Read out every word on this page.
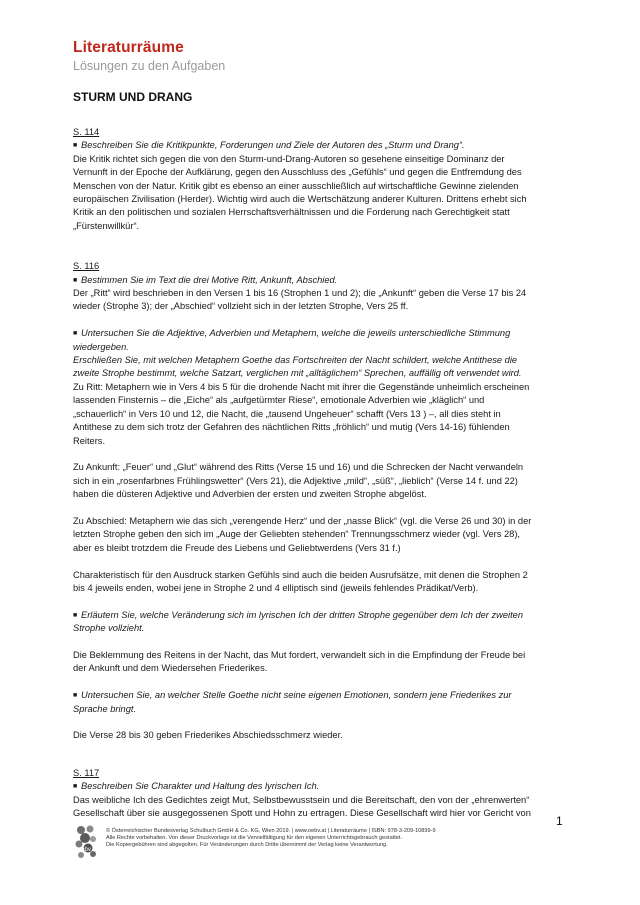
Literaturräume
Lösungen zu den Aufgaben
STURM UND DRANG

S. 114

■ Beschreiben Sie die Kritikpunkte, Forderungen und Ziele der Autoren des „Sturm und Drang“.

Die Kritik richtet sich gegen die von den Sturm-und-Drang-Autoren so gesehene einseitige Dominanz der

Vernunft in der Epoche der Aufklärung, gegen den Ausschluss des „Gefühls“ und gegen die Entfremdung des

Menschen von der Natur. Kritik gibt es ebenso an einer ausschließlich auf wirtschaftliche Gewinne zielenden

europäischen Zivilisation (Herder). Wichtig wird auch die Wertschätzung anderer Kulturen. Drittens erhebt sich

Kritik an den politischen und sozialen Herrschaftsverhältnissen und die Forderung nach Gerechtigkeit statt

„Fürstenwillkür“.

S. 116

■ Bestimmen Sie im Text die drei Motive Ritt, Ankunft, Abschied.

Der „Ritt“ wird beschrieben in den Versen 1 bis 16 (Strophen 1 und 2); die „Ankunft“ geben die Verse 17 bis 24

wieder (Strophe 3); der „Abschied“ vollzieht sich in der letzten Strophe, Vers 25 ff.

■ Untersuchen Sie die Adjektive, Adverbien und Metaphern, welche die jeweils unterschiedliche Stimmung

wiedergeben.

Erschließen Sie, mit welchen Metaphern Goethe das Fortschreiten der Nacht schildert, welche Antithese die

zweite Strophe bestimmt, welche Satzart, verglichen mit „alltäglichem“ Sprechen, auffällig oft verwendet wird.

Zu Ritt: Metaphern wie in Vers 4 bis 5 für die drohende Nacht mit ihrer die Gegenstände unheimlich erscheinen

lassenden Finsternis – die „Eiche“ als „aufgetürmter Riese“, emotionale Adverbien wie „kläglich“ und

„schauerlich“ in Vers 10 und 12, die Nacht, die „tausend Ungeheuer“ schafft (Vers 13 ) –, all dies steht in

Antithese zu dem sich trotz der Gefahren des nächtlichen Ritts „fröhlich“ und mutig (Vers 14-16) fühlenden

Reiters.

Zu Ankunft: „Feuer“ und „Glut“ während des Ritts (Verse 15 und 16) und die Schrecken der Nacht verwandeln

sich in ein „rosenfarbnes Frühlingswetter“ (Vers 21), die Adjektive „mild“, „süß“, „lieblich“ (Verse 14 f. und 22)

haben die düsteren Adjektive und Adverbien der ersten und zweiten Strophe abgelöst.

Zu Abschied: Metaphern wie das sich „verengende Herz“ und der „nasse Blick“ (vgl. die Verse 26 und 30) in der

letzten Strophe geben den sich im „Auge der Geliebten stehenden“ Trennungsschmerz wieder (vgl. Vers 28),

aber es bleibt trotzdem die Freude des Liebens und Geliebtwerdens (Vers 31 f.)

Charakteristisch für den Ausdruck starken Gefühls sind auch die beiden Ausrufsätze, mit denen die Strophen 2

bis 4 jeweils enden, wobei jene in Strophe 2 und 4 elliptisch sind (jeweils fehlendes Prädikat/Verb).

■ Erläutern Sie, welche Veränderung sich im lyrischen Ich der dritten Strophe gegenüber dem Ich der zweiten

Strophe vollzieht.

Die Beklemmung des Reitens in der Nacht, das Mut fordert, verwandelt sich in die Empfindung der Freude bei

der Ankunft und dem Wiedersehen Friederikes.

■ Untersuchen Sie, an welcher Stelle Goethe nicht seine eigenen Emotionen, sondern jene Friederikes zur

Sprache bringt.

Die Verse 28 bis 30 geben Friederikes Abschiedsschmerz wieder.

S. 117

■ Beschreiben Sie Charakter und Haltung des lyrischen Ich.

Das weibliche Ich des Gedichtes zeigt Mut, Selbstbewusstsein und die Bereitschaft, den von der „ehrenwerten“

Gesellschaft über sie ausgegossenen Spott und Hohn zu ertragen. Diese Gesellschaft wird hier vor Gericht von

1
öbv
© Österreichischer Bundesverlag Schulbuch GmbH & Co. KG, Wien 2019. | www.oebv.at | Literaturräume | ISBN: 978-3-209-10899-9
Alle Rechte vorbehalten. Von dieser Druckvorlage ist die Vervielfältigung für den eigenen Unterrichtsgebrauch gestattet.
Die Kopiergebühren sind abgegolten. Für Veränderungen durch Dritte übernimmt der Verlag keine Verantwortung.
